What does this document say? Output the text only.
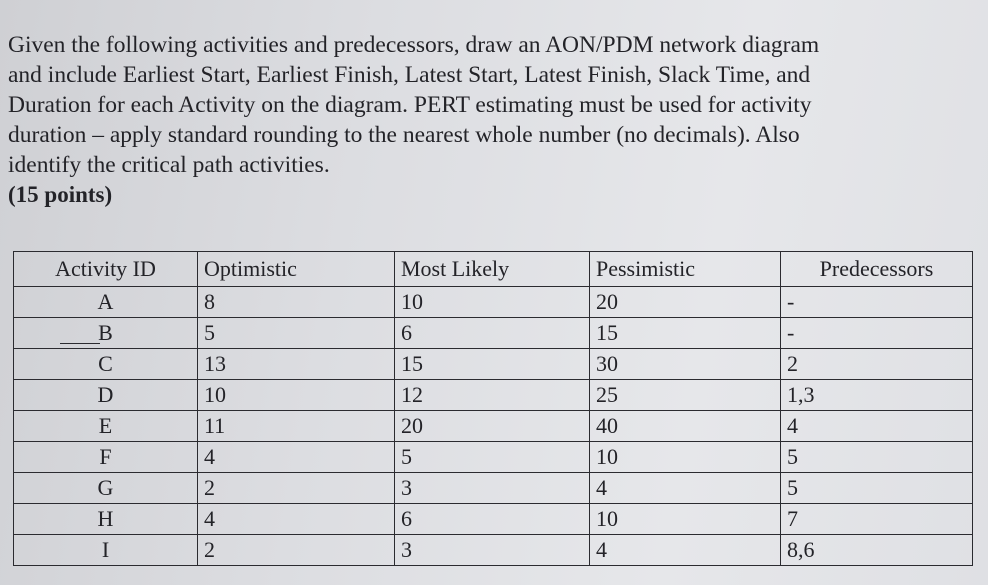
Given the following activities and predecessors, draw an AON/PDM network diagram

and include Earliest Start, Earliest Finish, Latest Start, Latest Finish, Slack Time, and

Duration for each Activity on the diagram. PERT estimating must be used for activity

duration – apply standard rounding to the nearest whole number (no decimals). Also

identify the critical path activities.

(15 points)

Activity ID	Optimistic	Most Likely	Pessimistic	Predecessors
A	8	10	20	-
B	5	6	15	-
C	13	15	30	2
D	10	12	25	1,3
E	11	20	40	4
F	4	5	10	5
G	2	3	4	5
H	4	6	10	7
I	2	3	4	8,6
